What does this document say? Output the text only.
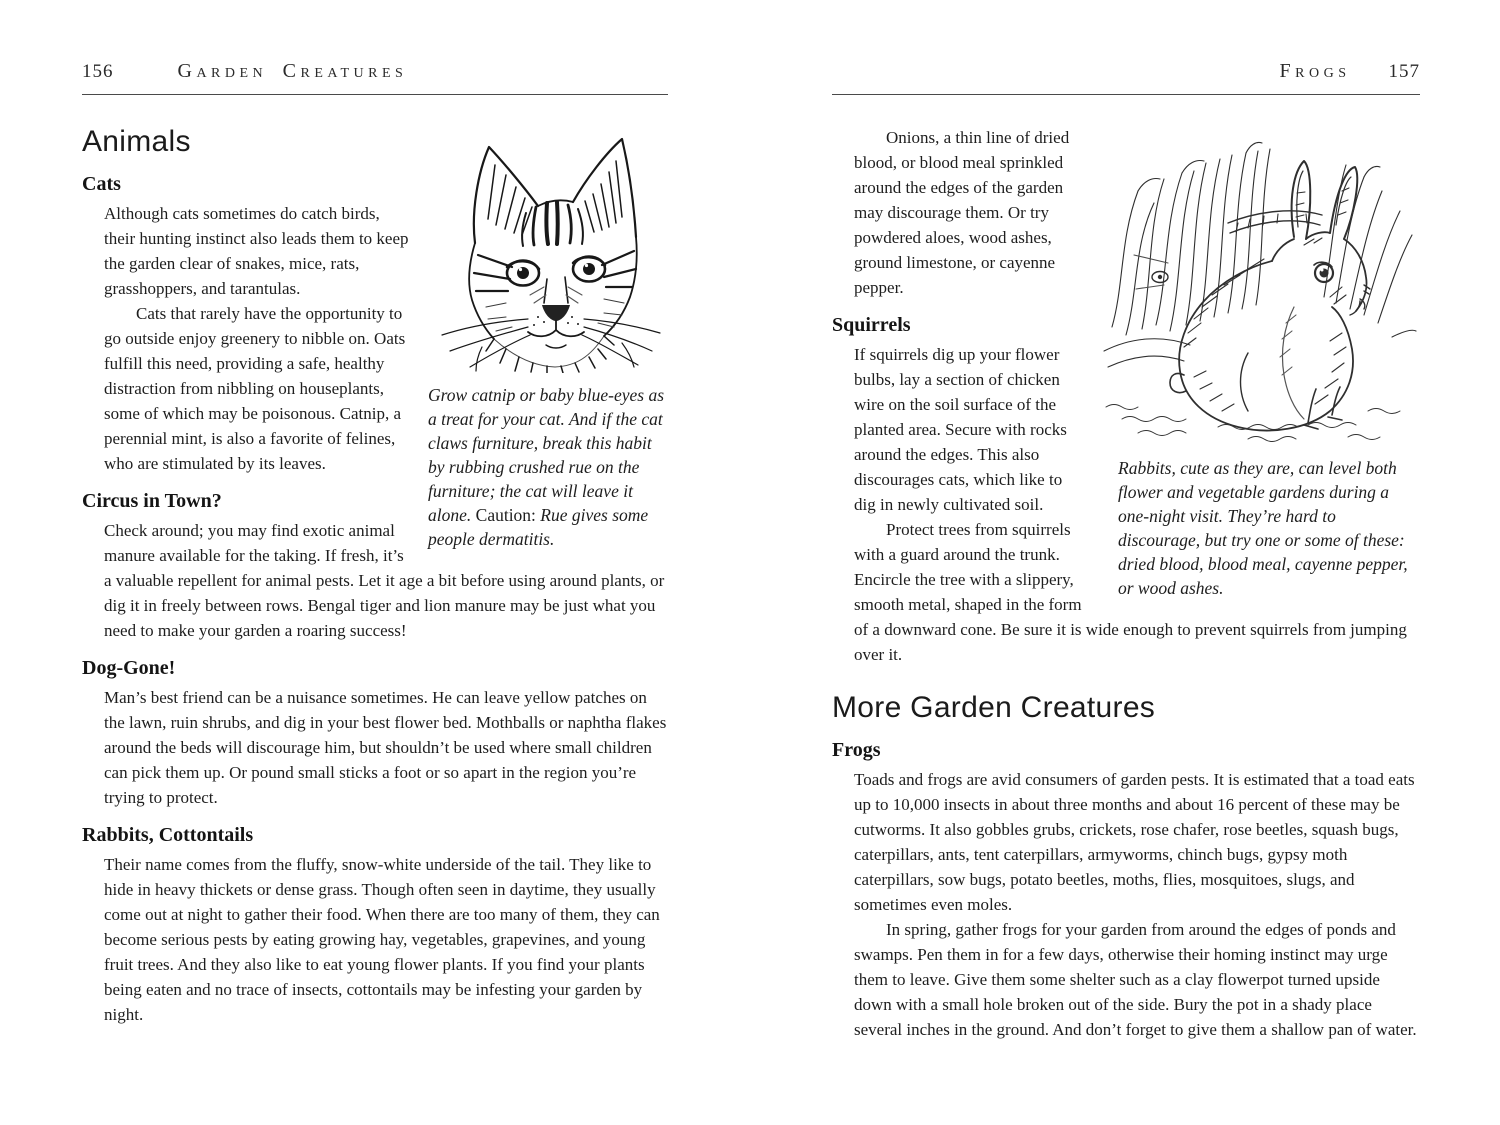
156	Garden Creatures

Grow catnip or baby blue-eyes as a treat for your cat. And if the cat claws furniture, break this habit by rubbing crushed rue on the furniture; the cat will leave it alone. Caution: Rue gives some people dermatitis.

Animals
Cats

Although cats sometimes do catch birds, their hunting instinct also leads them to keep the garden clear of snakes, mice, rats, grasshoppers, and tarantulas.

Cats that rarely have the opportunity to go outside enjoy greenery to nibble on. Oats fulfill this need, providing a safe, healthy distraction from nibbling on houseplants, some of which may be poisonous. Catnip, a perennial mint, is also a favorite of felines, who are stimulated by its leaves.

Circus in Town?

Check around; you may find exotic animal manure available for the taking. If fresh, it’s a valuable repellent for animal pests. Let it age a bit before using around plants, or dig it in freely between rows. Bengal tiger and lion manure may be just what you need to make your garden a roaring success!

Dog-Gone!

Man’s best friend can be a nuisance sometimes. He can leave yellow patches on the lawn, ruin shrubs, and dig in your best flower bed. Mothballs or naphtha flakes around the beds will discourage him, but shouldn’t be used where small children can pick them up. Or pound small sticks a foot or so apart in the region you’re trying to protect.

Rabbits, Cottontails

Their name comes from the fluffy, snow-white underside of the tail. They like to hide in heavy thickets or dense grass. Though often seen in daytime, they usually come out at night to gather their food. When there are too many of them, they can become serious pests by eating growing hay, vegetables, grapevines, and young fruit trees. And they also like to eat young flower plants. If you find your plants being eaten and no trace of insects, cottontails may be infesting your garden by night.

Frogs 157

Rabbits, cute as they are, can level both flower and vegetable gardens during a one-night visit. They’re hard to discourage, but try one or some of these: dried blood, blood meal, cayenne pepper, or wood ashes.

Onions, a thin line of dried blood, or blood meal sprinkled around the edges of the garden may discourage them. Or try powdered aloes, wood ashes, ground limestone, or cayenne pepper.

Squirrels

If squirrels dig up your flower bulbs, lay a section of chicken wire on the soil surface of the planted area. Secure with rocks around the edges. This also discourages cats, which like to dig in newly cultivated soil.

Protect trees from squirrels with a guard around the trunk. Encircle the tree with a slippery, smooth metal, shaped in the form of a downward cone. Be sure it is wide enough to prevent squirrels from jumping over it.

More Garden Creatures
Frogs

Toads and frogs are avid consumers of garden pests. It is estimated that a toad eats up to 10,000 insects in about three months and about 16 percent of these may be cutworms. It also gobbles grubs, crickets, rose chafer, rose beetles, squash bugs, caterpillars, ants, tent caterpillars, armyworms, chinch bugs, gypsy moth caterpillars, sow bugs, potato beetles, moths, flies, mosquitoes, slugs, and sometimes even moles.

In spring, gather frogs for your garden from around the edges of ponds and swamps. Pen them in for a few days, otherwise their homing instinct may urge them to leave. Give them some shelter such as a clay flowerpot turned upside down with a small hole broken out of the side. Bury the pot in a shady place several inches in the ground. And don’t forget to give them a shallow pan of water.
